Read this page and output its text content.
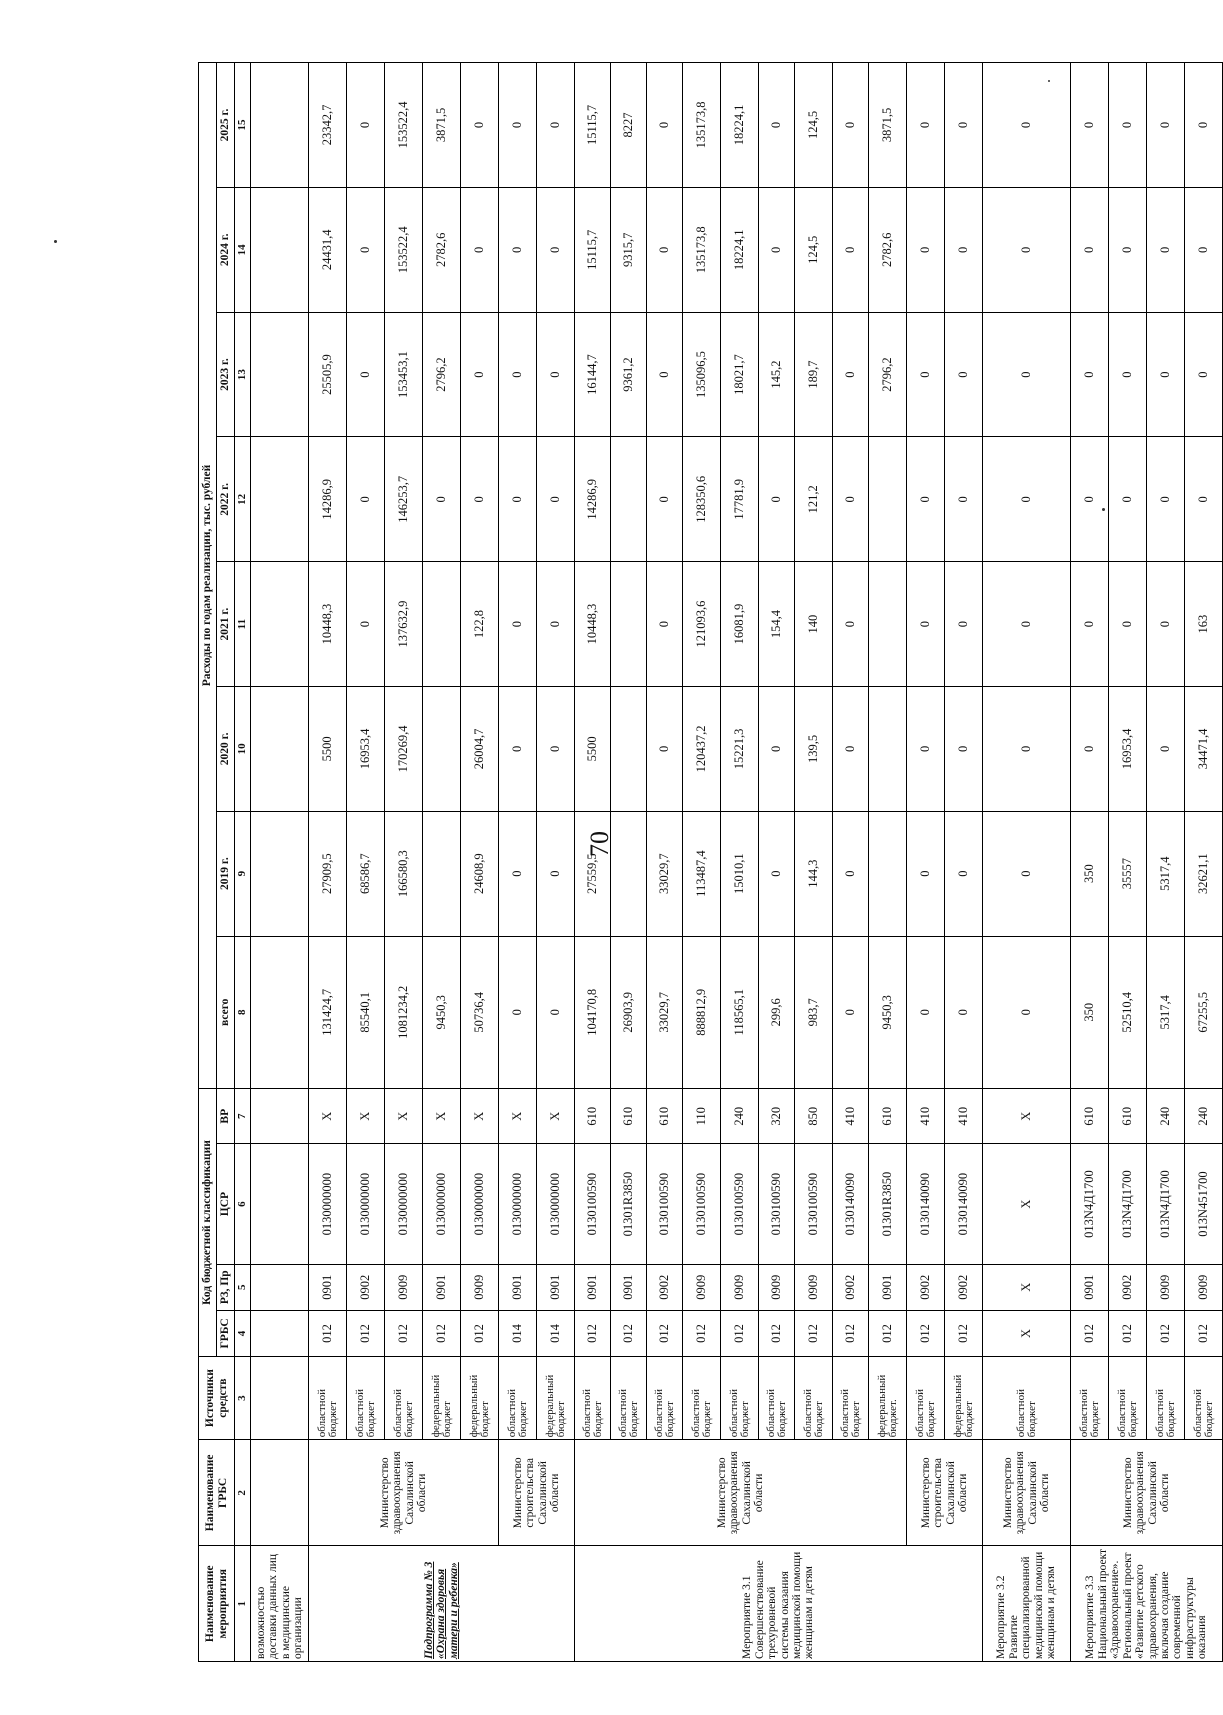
70
Наименование мероприятия	Наименование ГРБС	Источники средств	Код бюджетной классификации				Расходы по годам реализации, тыс. рублей							
			ГРБС	Р3, Пр	ЦСР	ВР	всего	2019 г.	2020 г.	2021 г.	2022 г.	2023 г.	2024 г.	2025 г.

1	2	3	4	5	6	7	8	9	10	11	12	13	14	15
возможностью доставки данных лиц в медицинские организации														
Подпрограмма № 3 «Охрана здоровья матери и ребенка»	Министерство здравоохранения Сахалинской области	областной бюджет	012	0901	0130000000	Х	131424,7	27909,5	5500	10448,3	14286,9	25505,9	24431,4	23342,7
		областной бюджет	012	0902	0130000000	Х	85540,1	68586,7	16953,4	0	0	0	0	0
		областной бюджет	012	0909	0130000000	Х	1081234,2	166580,3	170269,4	137632,9	146253,7	153453,1	153522,4	153522,4
		федеральный бюджет	012	0901	0130000000	Х	9450,3				0	2796,2	2782,6	3871,5
		федеральный бюджет	012	0909	0130000000	Х	50736,4	24608,9	26004,7	122,8	0	0	0	0
	Министерство строительства Сахалинской области	областной бюджет	014	0901	0130000000	Х	0	0	0	0	0	0	0	0
		федеральный бюджет	014	0901	0130000000	Х	0	0	0	0	0	0	0	0
Мероприятие 3.1 Совершенствование трехуровневой системы оказания медицинской помощи женщинам и детям	Министерство здравоохранения Сахалинской области	областной бюджет	012	0901	0130100590	610	104170,8	27559,5	5500	10448,3	14286,9	16144,7	15115,7	15115,7
		областной бюджет	012	0901	01301R3850	610	26903,9					9361,2	9315,7	8227
		областной бюджет	012	0902	0130100590	610	33029,7	33029,7	0	0	0	0	0	0
		областной бюджет	012	0909	0130100590	110	888812,9	113487,4	120437,2	121093,6	128350,6	135096,5	135173,8	135173,8
		областной бюджет	012	0909	0130100590	240	118565,1	15010,1	15221,3	16081,9	17781,9	18021,7	18224,1	18224,1
		областной бюджет	012	0909	0130100590	320	299,6	0	0	154,4	0	145,2	0	0
		областной бюджет	012	0909	0130100590	850	983,7	144,3	139,5	140	121,2	189,7	124,5	124,5
		областной бюджет	012	0902	0130140090	410	0	0	0	0	0	0	0	0
		федеральный бюджет.	012	0901	01301R3850	610	9450,3					2796,2	2782,6	3871,5
	Министерство строительства Сахалинской области	областной бюджет	012	0902	0130140090	410	0	0	0	0	0	0	0	0
		федеральный бюджет	012	0902	0130140090	410	0	0	0	0	0	0	0	0
Мероприятие 3.2 Развитие специализированной медицинской помощи женщинам и детям	Министерство здравоохранения Сахалинской области	областной бюджет	Х	Х	Х	Х	0	0	0	0	0	0	0	0
Мероприятие 3.3 Национальный проект «Здравоохранение». Региональный проект «Развитие детского здравоохранения, включая создание современной инфраструктуры оказания	Министерство здравоохранения Сахалинской области	областной бюджет	012	0901	013N4Д1700	610	350	350	0	0	0	0	0	0
		областной бюджет	012	0902	013N4Д1700	610	52510,4	35557	16953,4	0	0	0	0	0
		областной бюджет	012	0909	013N4Д1700	240	5317,4	5317,4	0	0	0	0	0	0
		областной бюджет	012	0909	013N451700	240	67255,5	32621,1	34471,4	163	0	0	0	0
